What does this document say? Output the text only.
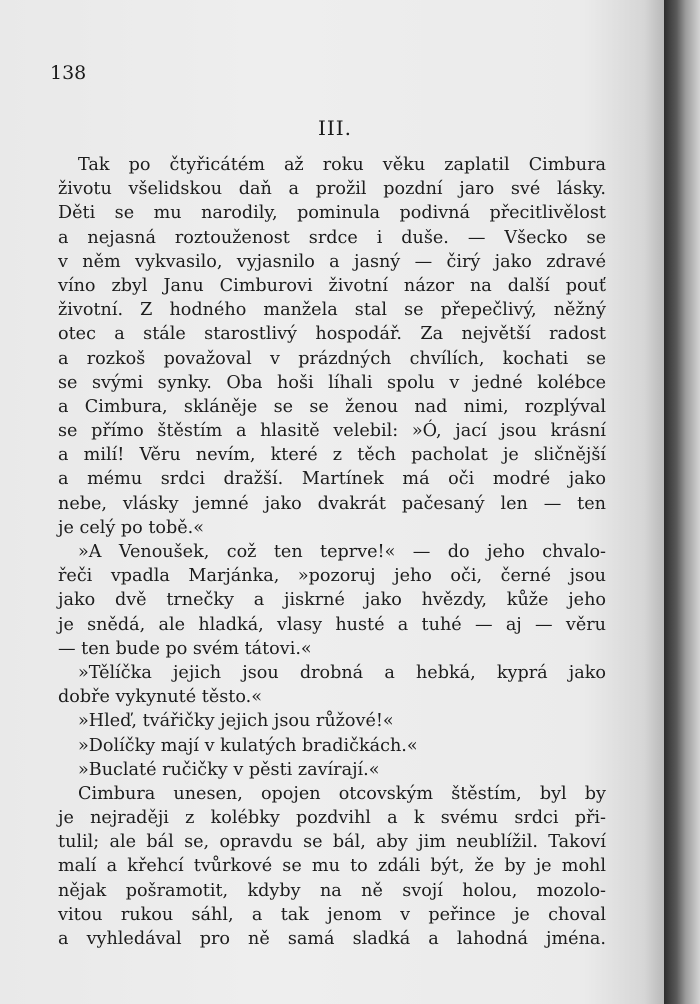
138

III.

Tak po čtyřicátém až roku věku zaplatil Cimbura
životu všelidskou daň a prožil pozdní jaro své lásky.
Děti se mu narodily, pominula podivná přecitlivělost
a nejasná roztouženost srdce i duše. — Všecko se
v něm vykvasilo, vyjasnilo a jasný — čirý jako zdravé
víno zbyl Janu Cimburovi životní názor na další pouť
životní. Z hodného manžela stal se přepečlivý, něžný
otec a stále starostlivý hospodář. Za největší radost
a rozkoš považoval v prázdných chvílích, kochati se
se svými synky. Oba hoši líhali spolu v jedné kolébce
a Cimbura, skláněje se se ženou nad nimi, rozplýval
se přímo štěstím a hlasitě velebil: »Ó, jací jsou krásní
a milí! Věru nevím, které z těch pacholat je sličnější
a mému srdci dražší. Martínek má oči modré jako
nebe, vlásky jemné jako dvakrát pačesaný len — ten
je celý po tobě.«
»A Venoušek, což ten teprve!« — do jeho chvalo-
řeči vpadla Marjánka, »pozoruj jeho oči, černé jsou
jako dvě trnečky a jiskrné jako hvězdy, kůže jeho
je snědá, ale hladká, vlasy husté a tuhé — aj — věru
— ten bude po svém tátovi.«
»Tělíčka jejich jsou drobná a hebká, kyprá jako
dobře vykynuté těsto.«
»Hleď, tvářičky jejich jsou růžové!«
»Dolíčky mají v kulatých bradičkách.«
»Buclaté ručičky v pěsti zavírají.«
Cimbura unesen, opojen otcovským štěstím, byl by
je nejraději z kolébky pozdvihl a k svému srdci při-
tulil; ale bál se, opravdu se bál, aby jim neublížil. Takoví
malí a křehcí tvůrkové se mu to zdáli být, že by je mohl
nějak pošramotit, kdyby na ně svojí holou, mozolo-
vitou rukou sáhl, a tak jenom v peřince je choval
a vyhledával pro ně samá sladká a lahodná jména.
